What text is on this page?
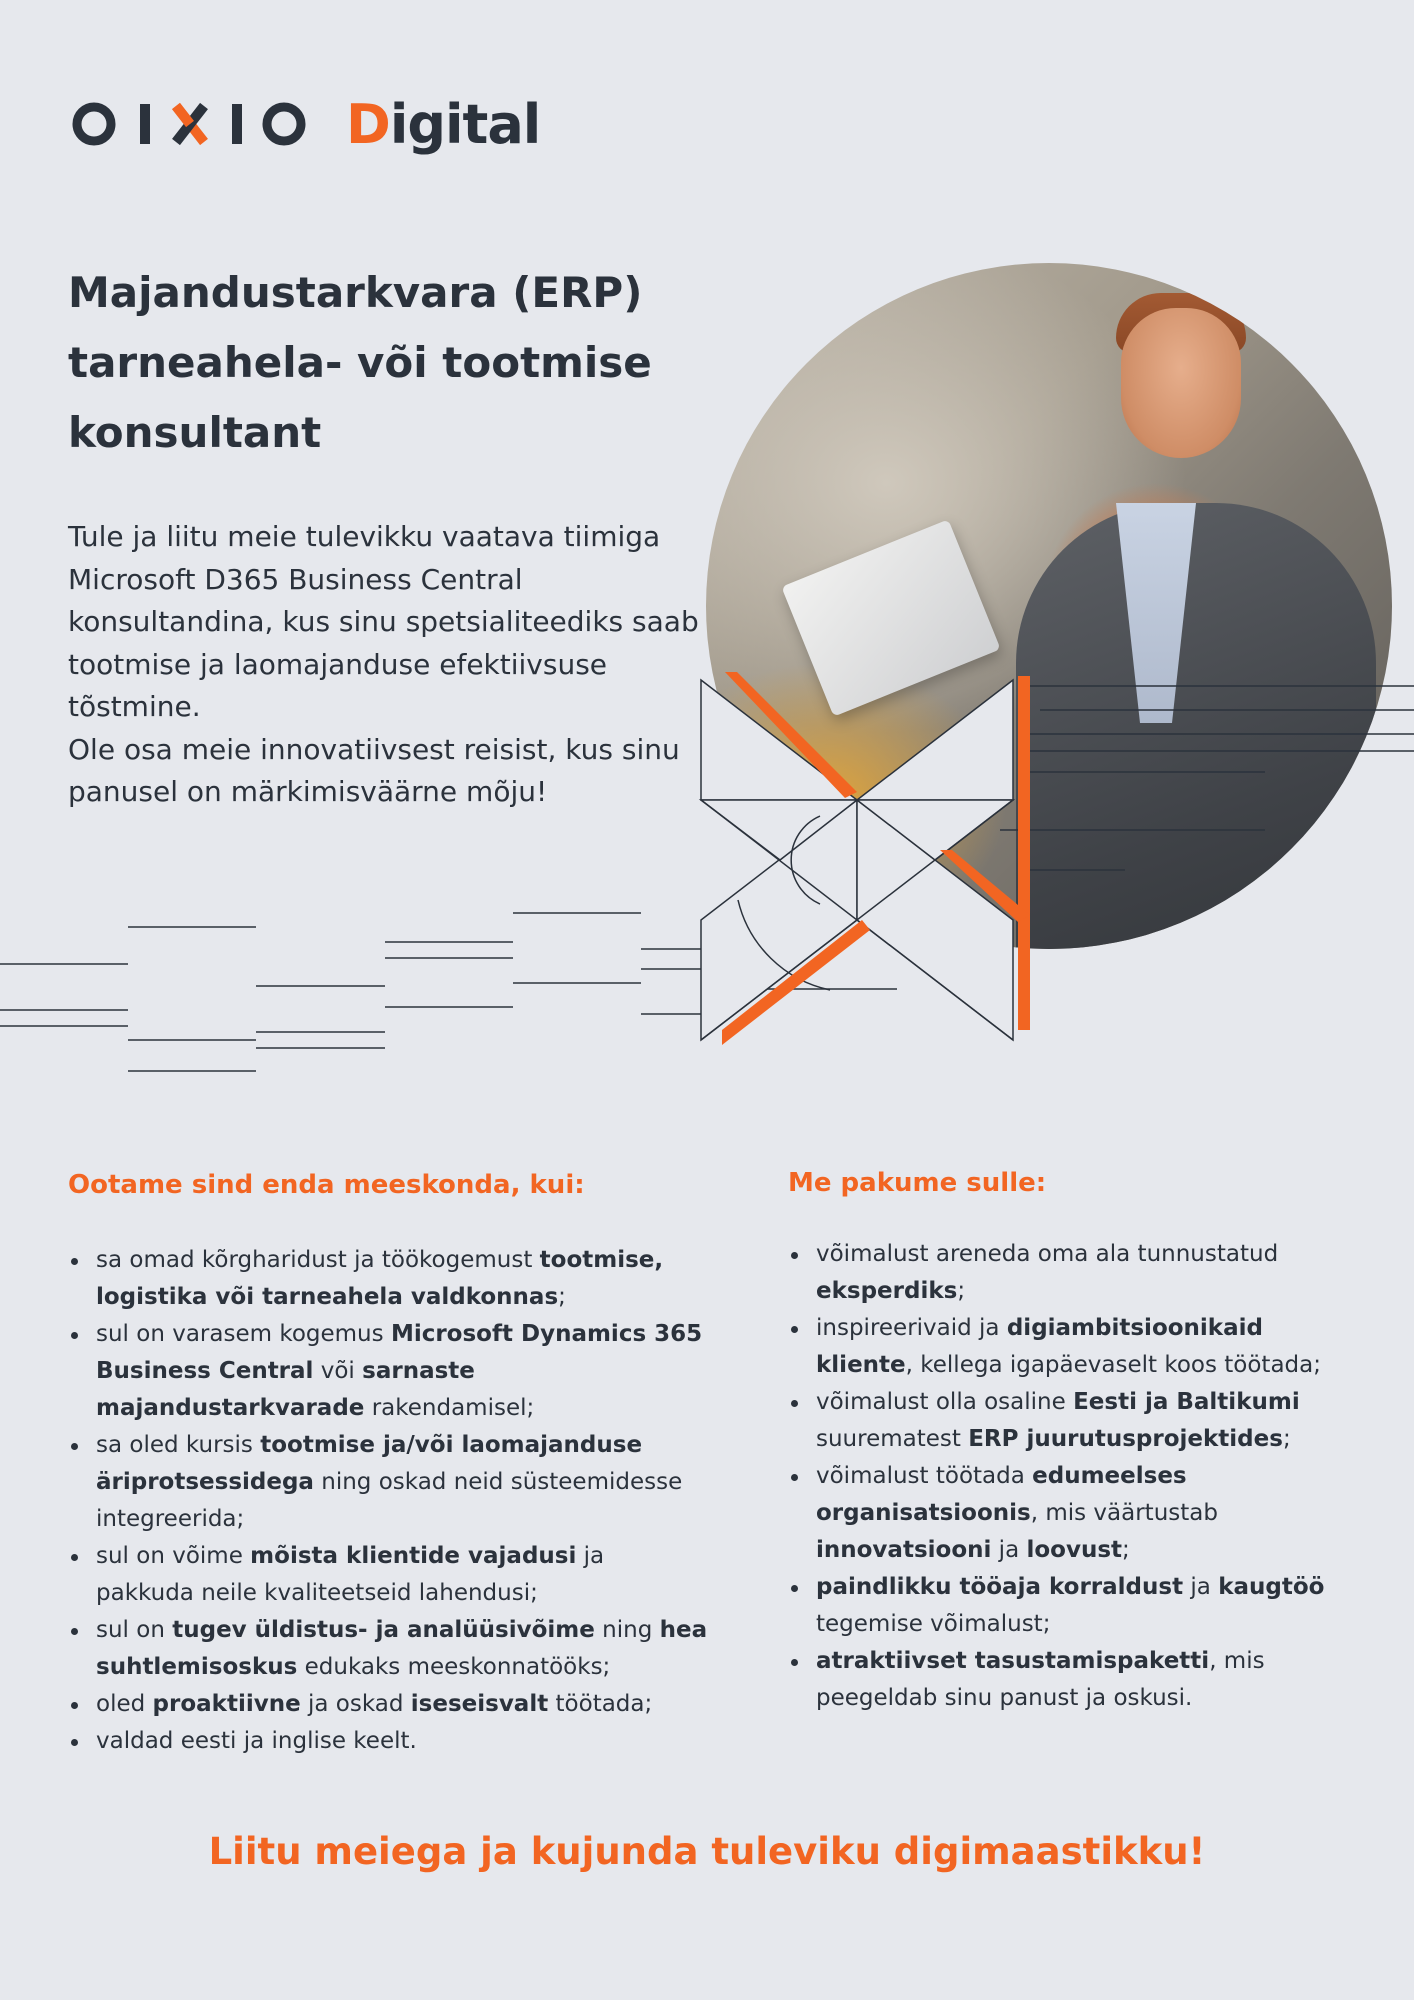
Digital
Majandustarkvara (ERP)
tarneahela- või tootmise
konsultant

Tule ja liitu meie tulevikku vaatava tiimiga Microsoft D365 Business Central konsultandina, kus sinu spetsialiteediks saab tootmise ja laomajanduse efektiivsuse tõstmine.

Ole osa meie innovatiivsest reisist, kus sinu panusel on märkimisväärne mõju!

Ootame sind enda meeskonda, kui:
sa omad kõrgharidust ja töökogemust tootmise, logistika või tarneahela valdkonnas;
sul on varasem kogemus Microsoft Dynamics 365 Business Central või sarnaste majandustarkvarade rakendamisel;
sa oled kursis tootmise ja/või laomajanduse äriprotsessidega ning oskad neid süsteemidesse integreerida;
sul on võime mõista klientide vajadusi ja pakkuda neile kvaliteetseid lahendusi;
sul on tugev üldistus- ja analüüsivõime ning hea suhtlemisoskus edukaks meeskonnatööks;
oled proaktiivne ja oskad iseseisvalt töötada;
valdad eesti ja inglise keelt.
Me pakume sulle:
võimalust areneda oma ala tunnustatud eksperdiks;
inspireerivaid ja digiambitsioonikaid kliente, kellega igapäevaselt koos töötada;
võimalust olla osaline Eesti ja Baltikumi suurematest ERP juurutusprojektides;
võimalust töötada edumeelses organisatsioonis, mis väärtustab innovatsiooni ja loovust;
paindlikku tööaja korraldust ja kaugtöö tegemise võimalust;
atraktiivset tasustamispaketti, mis peegeldab sinu panust ja oskusi.
Liitu meiega ja kujunda tuleviku digimaastikku!
